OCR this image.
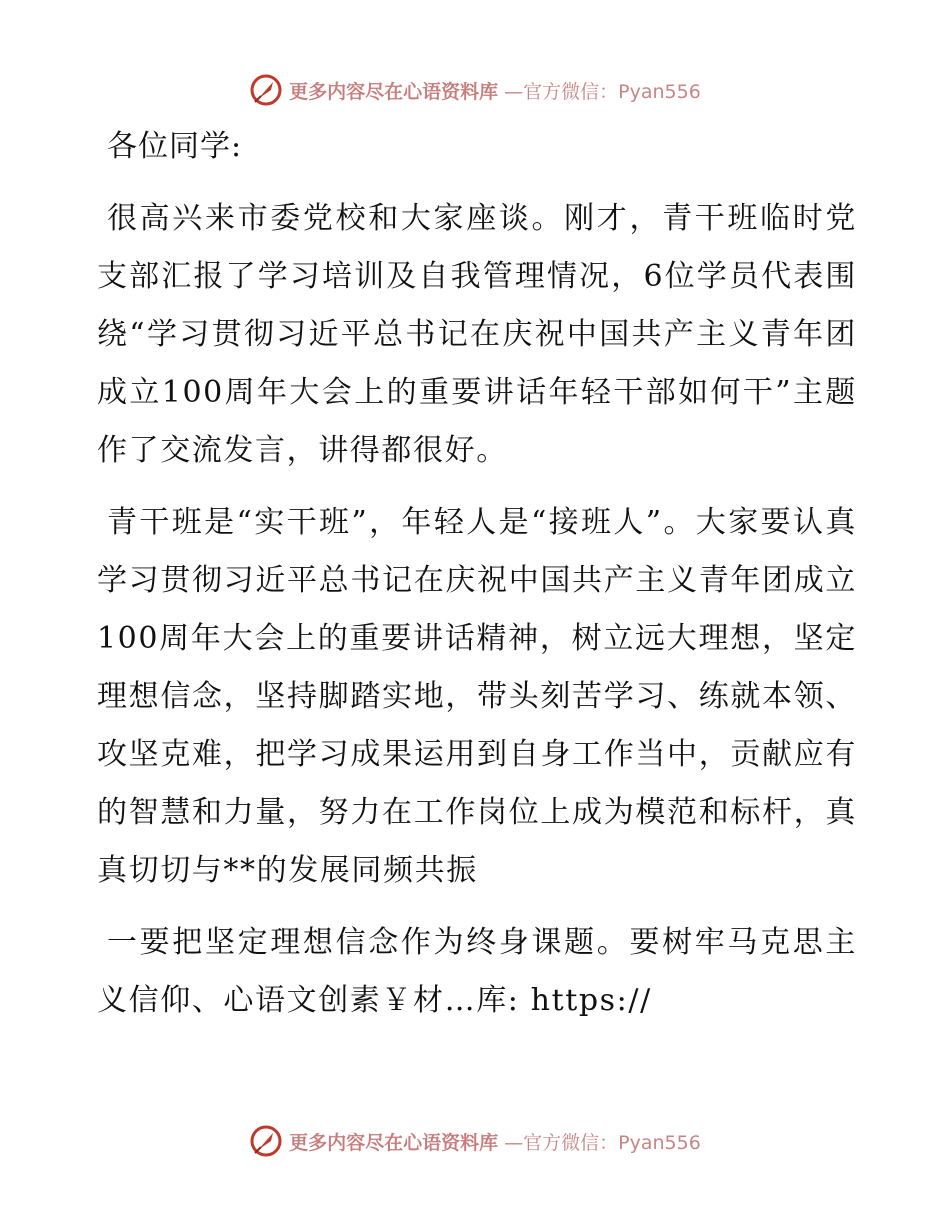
更多内容尽在心语资料库 —官方微信：Pyan556
各位同学:

很高兴来市委党校和大家座谈。刚才，青干班临时党支部汇报了学习培训及自我管理情况，6位学员代表围绕“学习贯彻习近平总书记在庆祝中国共产主义青年团成立100周年大会上的重要讲话年轻干部如何干”主题作了交流发言，讲得都很好。

青干班是“实干班”，年轻人是“接班人”。大家要认真学习贯彻习近平总书记在庆祝中国共产主义青年团成立100周年大会上的重要讲话精神，树立远大理想，坚定理想信念，坚持脚踏实地，带头刻苦学习、练就本领、攻坚克难，把学习成果运用到自身工作当中，贡献应有的智慧和力量，努力在工作岗位上成为模范和标杆，真真切切与**的发展同频共振

一要把坚定理想信念作为终身课题。要树牢马克思主义信仰、心语文创素￥材…库: https://

更多内容尽在心语资料库 —官方微信：Pyan556
